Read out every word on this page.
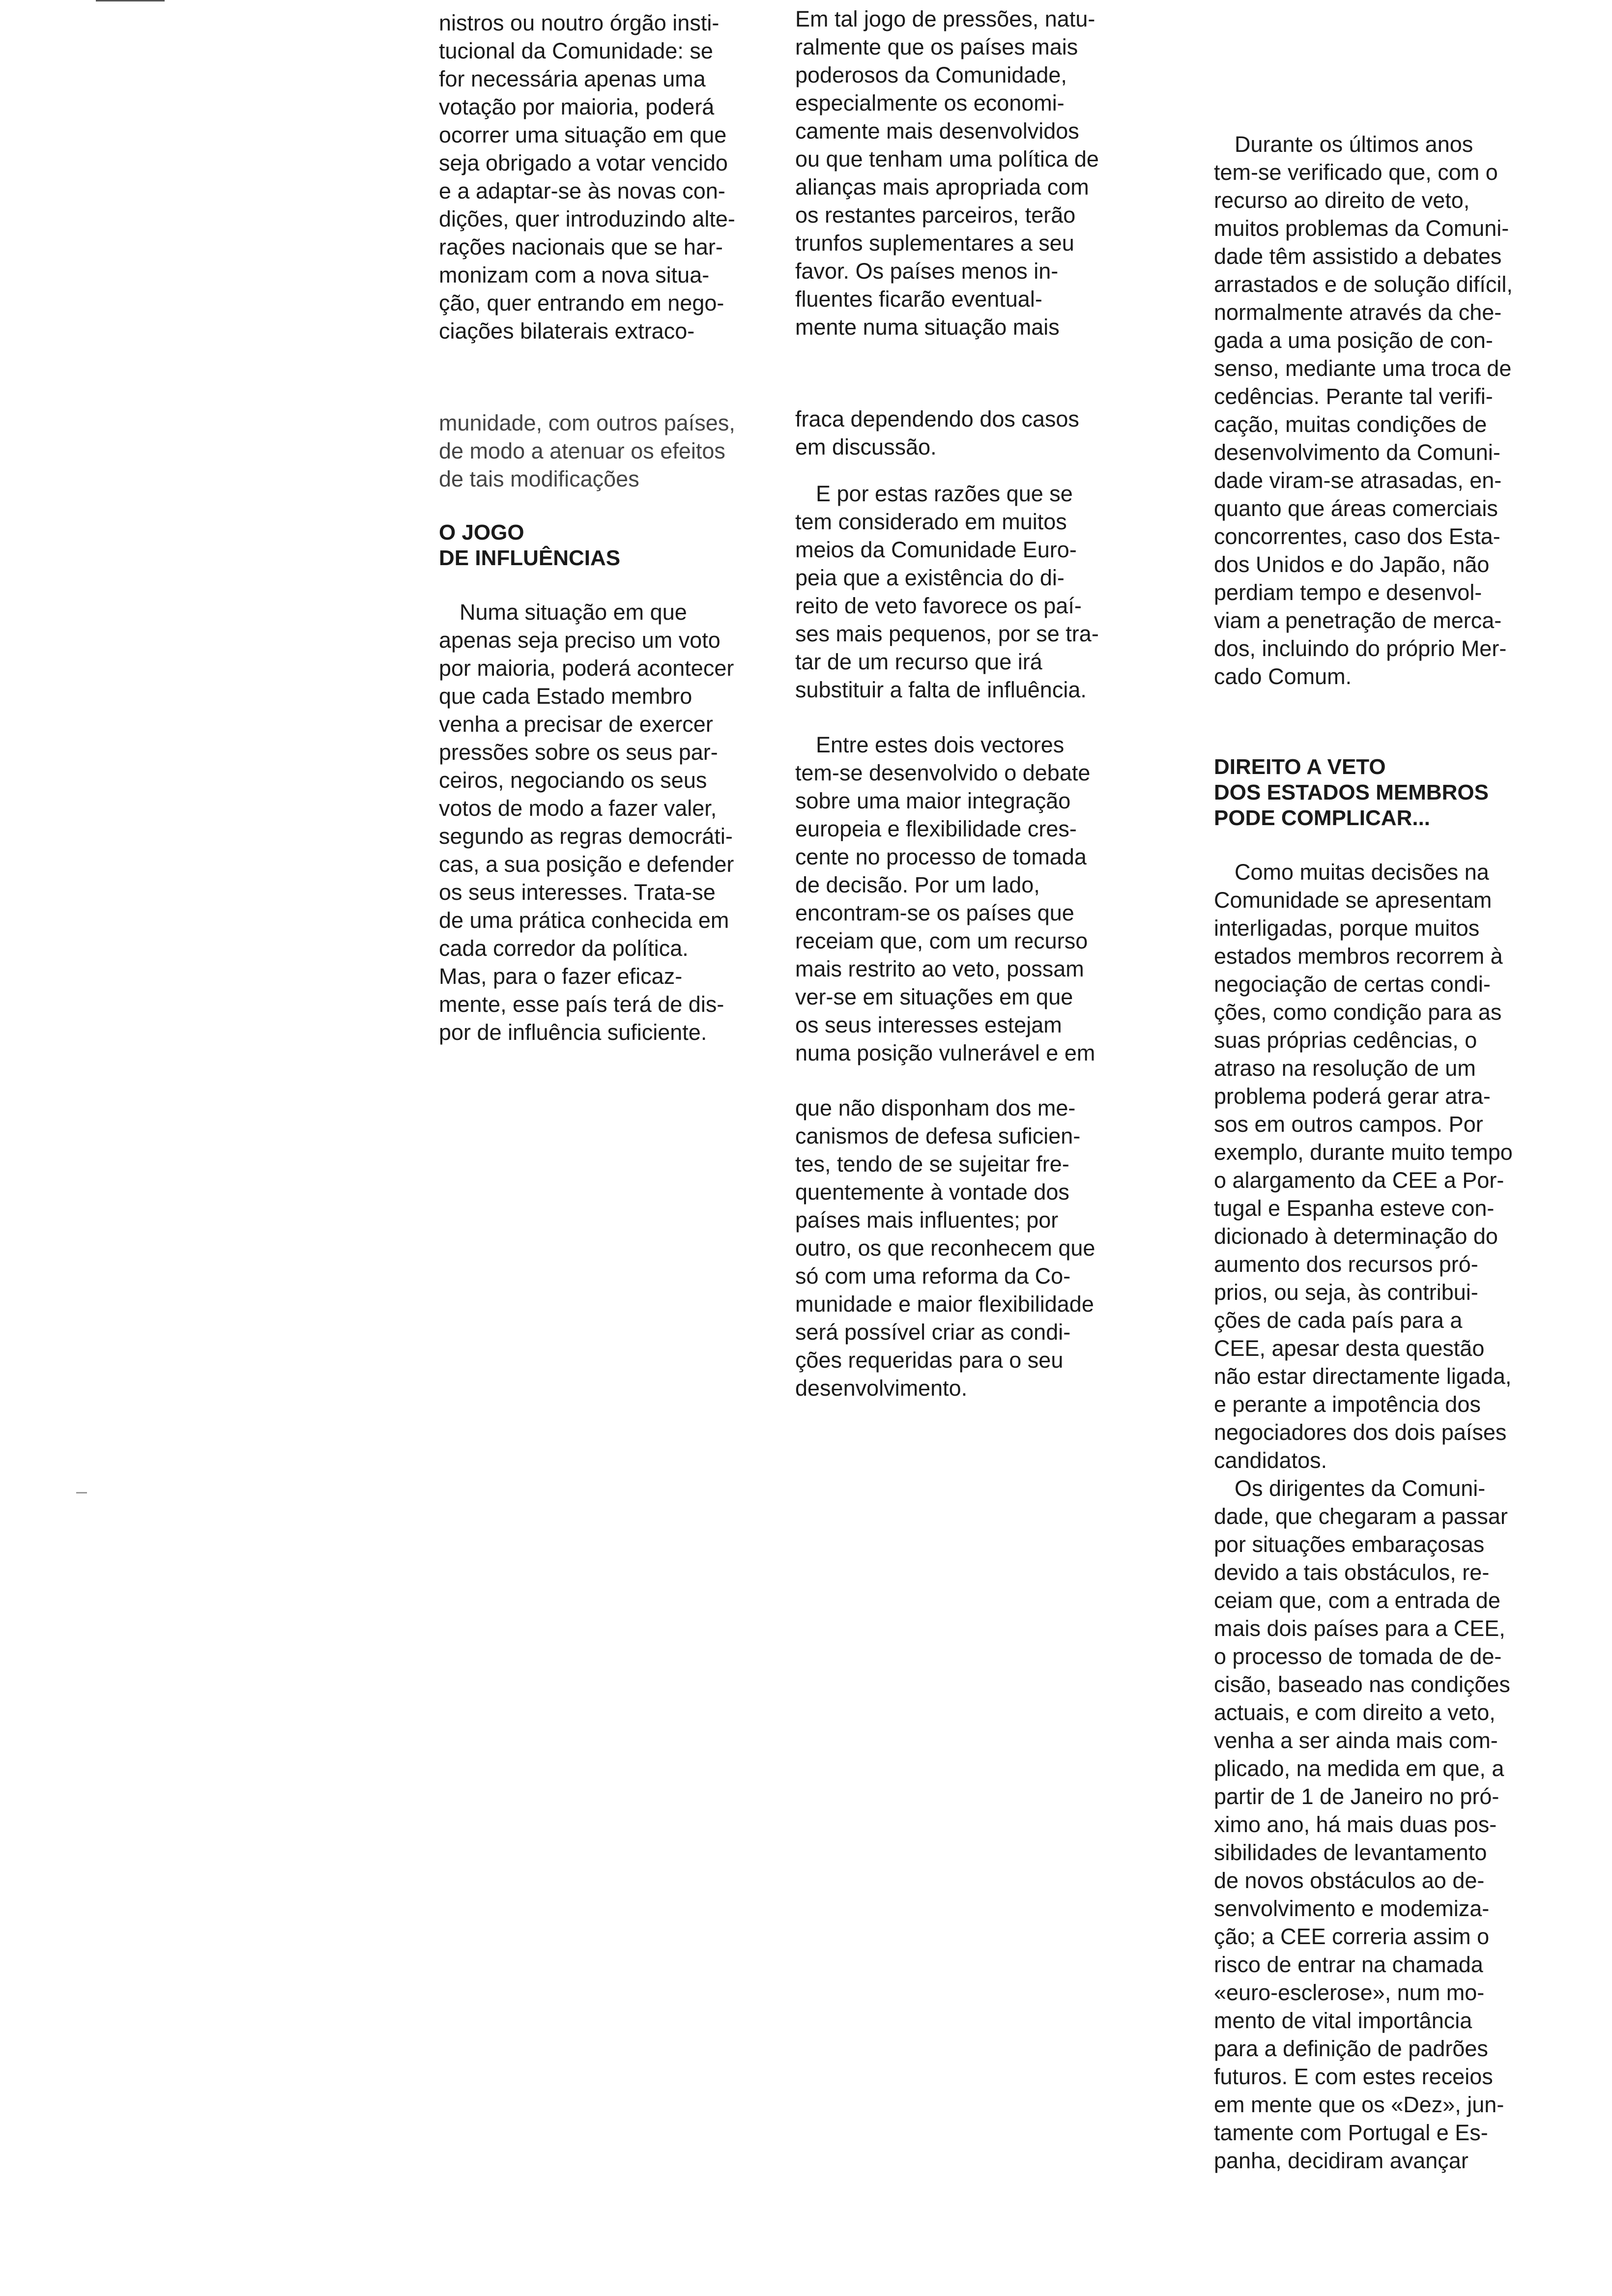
nistros ou noutro órgão insti-
tucional da Comunidade: se
for necessária apenas uma
votação por maioria, poderá
ocorrer uma situação em que
seja obrigado a votar vencido
e a adaptar-se às novas con-
dições, quer introduzindo alte-
rações nacionais que se har-
monizam com a nova situa-
ção, quer entrando em nego-
ciações bilaterais extraco-
munidade, com outros países,
de modo a atenuar os efeitos
de tais modificações
O JOGO
DE INFLUÊNCIAS
Numa situação em que
apenas seja preciso um voto
por maioria, poderá acontecer
que cada Estado membro
venha a precisar de exercer
pressões sobre os seus par-
ceiros, negociando os seus
votos de modo a fazer valer,
segundo as regras democráti-
cas, a sua posição e defender
os seus interesses. Trata-se
de uma prática conhecida em
cada corredor da política.
Mas, para o fazer eficaz-
mente, esse país terá de dis-
por de influência suficiente.
Em tal jogo de pressões, natu-
ralmente que os países mais
poderosos da Comunidade,
especialmente os economi-
camente mais desenvolvidos
ou que tenham uma política de
alianças mais apropriada com
os restantes parceiros, terão
trunfos suplementares a seu
favor. Os países menos in-
fluentes ficarão eventual-
mente numa situação mais
fraca dependendo dos casos
em discussão.
E por estas razões que se
tem considerado em muitos
meios da Comunidade Euro-
peia que a existência do di-
reito de veto favorece os paí-
ses mais pequenos, por se tra-
tar de um recurso que irá
substituir a falta de influência.
Entre estes dois vectores
tem-se desenvolvido o debate
sobre uma maior integração
europeia e flexibilidade cres-
cente no processo de tomada
de decisão. Por um lado,
encontram-se os países que
receiam que, com um recurso
mais restrito ao veto, possam
ver-se em situações em que
os seus interesses estejam
numa posição vulnerável e em
que não disponham dos me-
canismos de defesa suficien-
tes, tendo de se sujeitar fre-
quentemente à vontade dos
países mais influentes; por
outro, os que reconhecem que
só com uma reforma da Co-
munidade e maior flexibilidade
será possível criar as condi-
ções requeridas para o seu
desenvolvimento.
Durante os últimos anos
tem-se verificado que, com o
recurso ao direito de veto,
muitos problemas da Comuni-
dade têm assistido a debates
arrastados e de solução difícil,
normalmente através da che-
gada a uma posição de con-
senso, mediante uma troca de
cedências. Perante tal verifi-
cação, muitas condições de
desenvolvimento da Comuni-
dade viram-se atrasadas, en-
quanto que áreas comerciais
concorrentes, caso dos Esta-
dos Unidos e do Japão, não
perdiam tempo e desenvol-
viam a penetração de merca-
dos, incluindo do próprio Mer-
cado Comum.
DIREITO A VETO
DOS ESTADOS MEMBROS
PODE COMPLICAR...
Como muitas decisões na
Comunidade se apresentam
interligadas, porque muitos
estados membros recorrem à
negociação de certas condi-
ções, como condição para as
suas próprias cedências, o
atraso na resolução de um
problema poderá gerar atra-
sos em outros campos. Por
exemplo, durante muito tempo
o alargamento da CEE a Por-
tugal e Espanha esteve con-
dicionado à determinação do
aumento dos recursos pró-
prios, ou seja, às contribui-
ções de cada país para a
CEE, apesar desta questão
não estar directamente ligada,
e perante a impotência dos
negociadores dos dois países
candidatos.
Os dirigentes da Comuni-
dade, que chegaram a passar
por situações embaraçosas
devido a tais obstáculos, re-
ceiam que, com a entrada de
mais dois países para a CEE,
o processo de tomada de de-
cisão, baseado nas condições
actuais, e com direito a veto,
venha a ser ainda mais com-
plicado, na medida em que, a
partir de 1 de Janeiro no pró-
ximo ano, há mais duas pos-
sibilidades de levantamento
de novos obstáculos ao de-
senvolvimento e modemiza-
ção; a CEE correria assim o
risco de entrar na chamada
«euro-esclerose», num mo-
mento de vital importância
para a definição de padrões
futuros. E com estes receios
em mente que os «Dez», jun-
tamente com Portugal e Es-
panha, decidiram avançar
